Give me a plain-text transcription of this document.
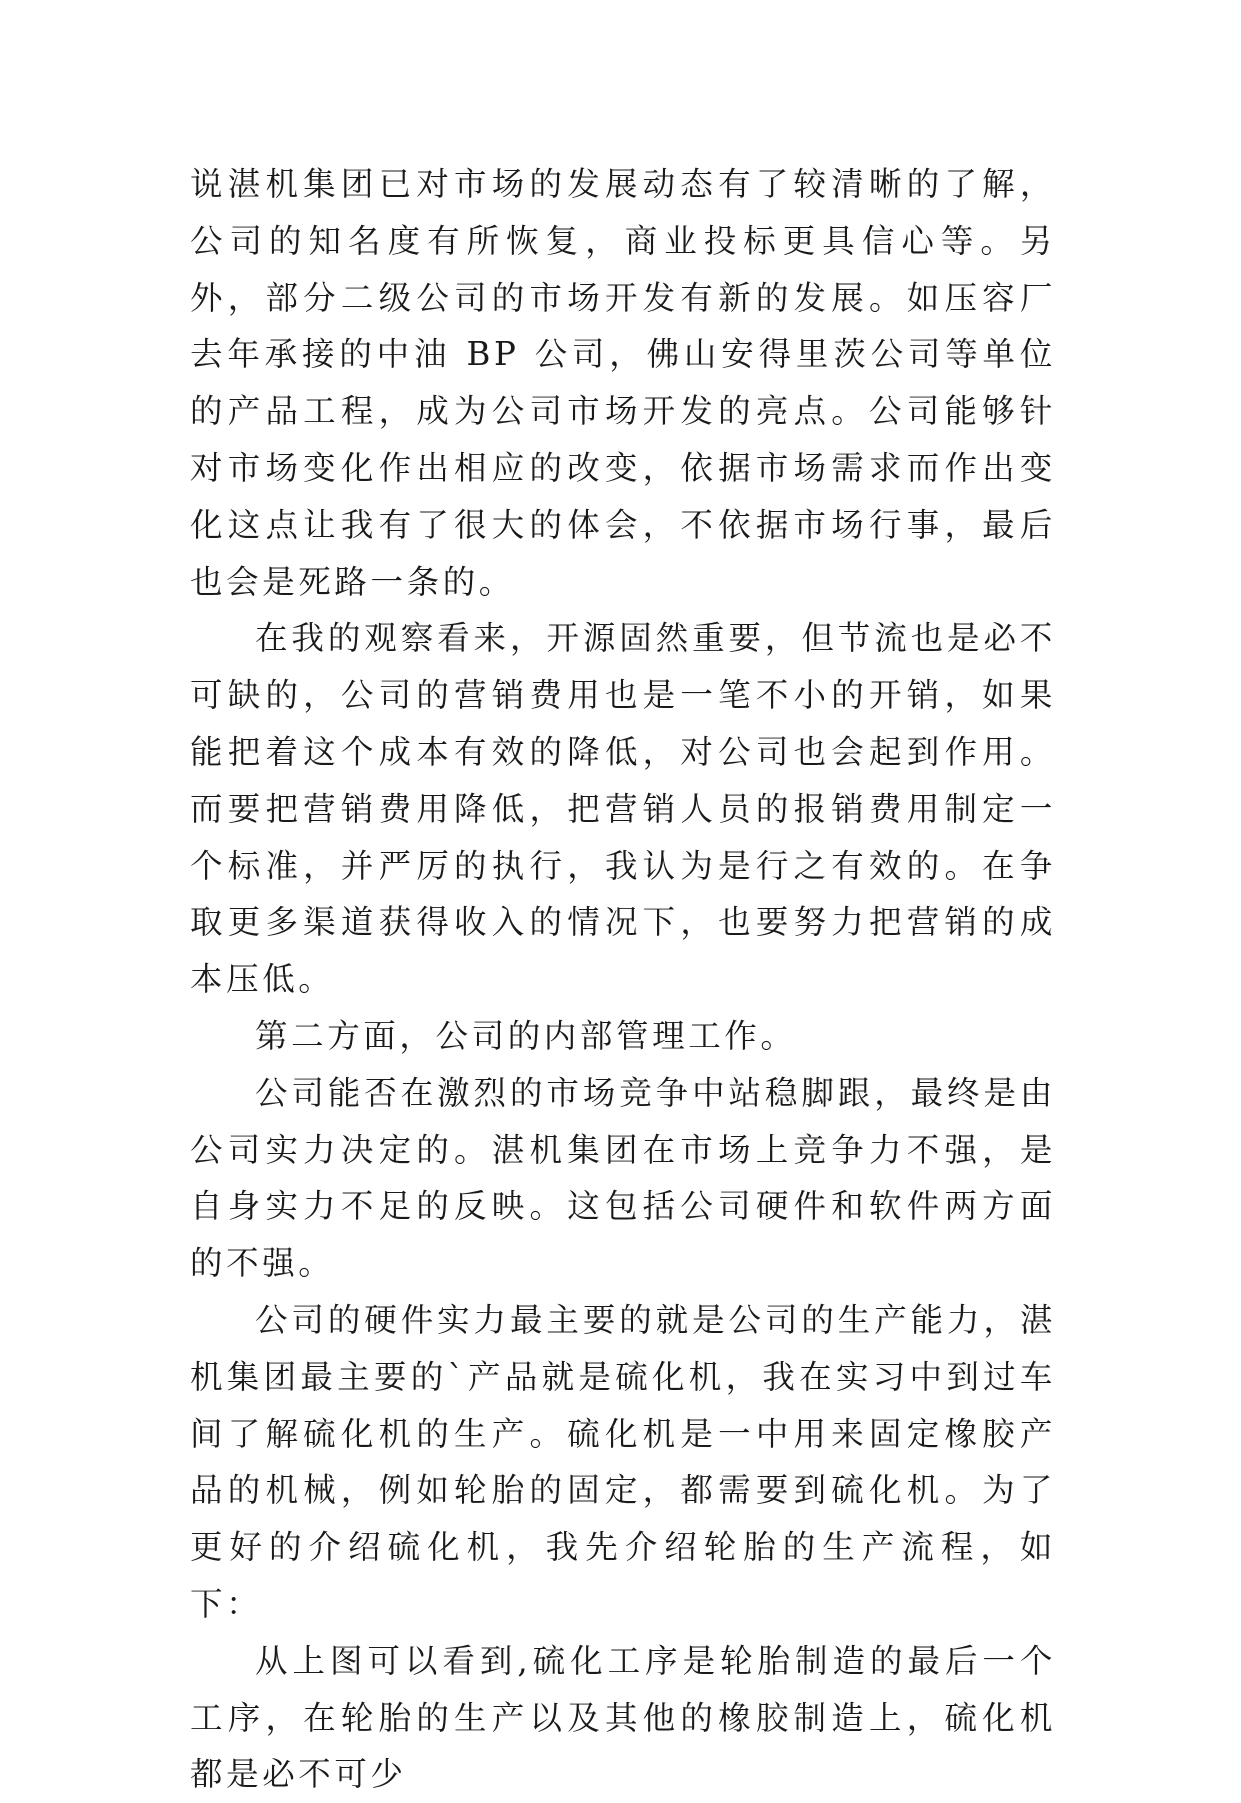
说湛机集团已对市场的发展动态有了较清晰的了解，公司的知名度有所恢复，商业投标更具信心等。另外，部分二级公司的市场开发有新的发展。如压容厂去年承接的中油 BP 公司，佛山安得里茨公司等单位的产品工程，成为公司市场开发的亮点。公司能够针对市场变化作出相应的改变，依据市场需求而作出变化这点让我有了很大的体会，不依据市场行事，最后也会是死路一条的。

在我的观察看来，开源固然重要，但节流也是必不可缺的，公司的营销费用也是一笔不小的开销，如果能把着这个成本有效的降低，对公司也会起到作用。而要把营销费用降低，把营销人员的报销费用制定一个标准，并严厉的执行，我认为是行之有效的。在争取更多渠道获得收入的情况下，也要努力把营销的成本压低。

第二方面，公司的内部管理工作。

公司能否在激烈的市场竞争中站稳脚跟，最终是由公司实力决定的。湛机集团在市场上竞争力不强，是自身实力不足的反映。这包括公司硬件和软件两方面的不强。

公司的硬件实力最主要的就是公司的生产能力，湛机集团最主要的`产品就是硫化机，我在实习中到过车间了解硫化机的生产。硫化机是一中用来固定橡胶产品的机械，例如轮胎的固定，都需要到硫化机。为了更好的介绍硫化机，我先介绍轮胎的生产流程，如下：

从上图可以看到,硫化工序是轮胎制造的最后一个工序，在轮胎的生产以及其他的橡胶制造上，硫化机都是必不可少
